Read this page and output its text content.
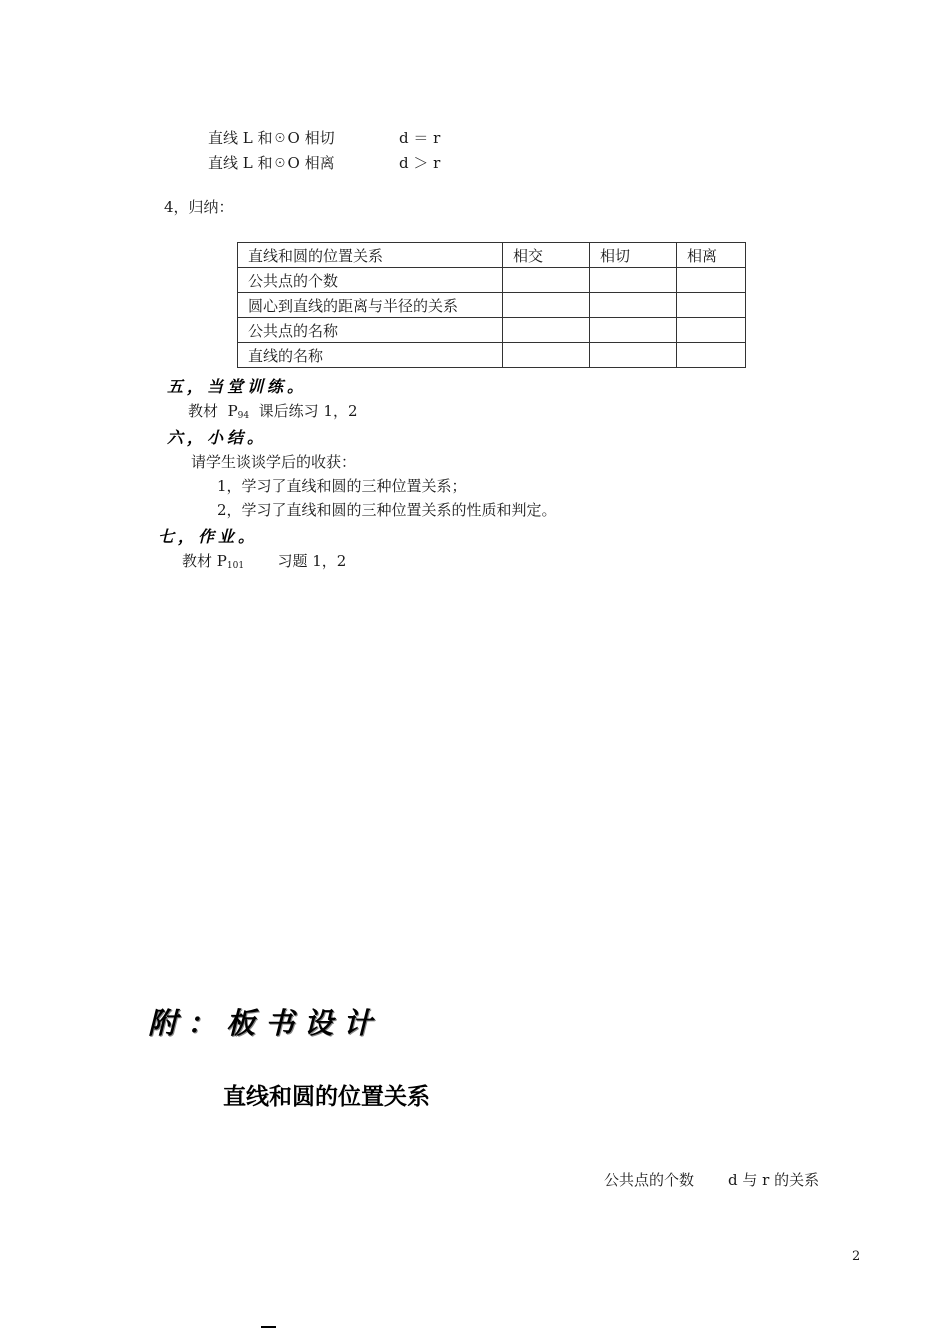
直线 L 和☉O 相切	d ＝ r
直线 L 和☉O 相离	d ＞ r
4，归纳：
直线和圆的位置关系	相交	相切	相离
公共点的个数			
圆心到直线的距离与半径的关系			
公共点的名称			
直线的名称			
五，当堂训练。
教材 $P_{94}$ 课后练习 1，2
六，小结。
请学生谈谈学后的收获：
1，学习了直线和圆的三种位置关系；
2，学习了直线和圆的三种位置关系的性质和判定。
七，作业。
教材 $P_{101}$ 习题 1，2
附：板书设计
直线和圆的位置关系
公共点的个数 d 与 r 的关系
2
